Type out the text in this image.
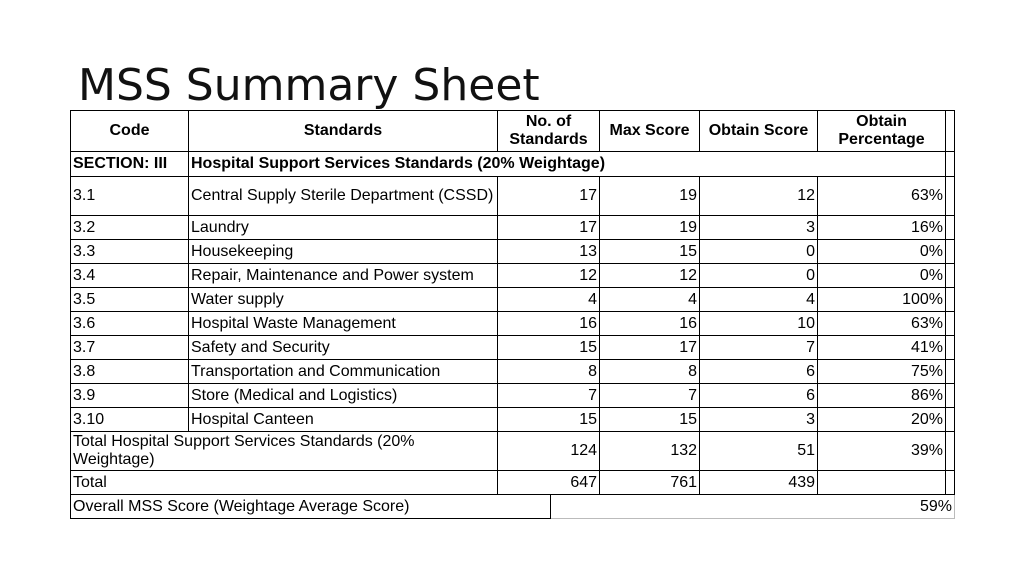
MSS Summary Sheet
Code	Standards	No. of Standards		Max Score	Obtain Score	Obtain Percentage	
SECTION: III	Hospital Support Services Standards (20% Weightage)						
3.1	Central Supply Sterile Department (CSSD)	17		19	12	63%	
3.2	Laundry	17		19	3	16%	
3.3	Housekeeping	13		15	0	0%	
3.4	Repair, Maintenance and Power system	12		12	0	0%	
3.5	Water supply	4		4	4	100%	
3.6	Hospital Waste Management	16		16	10	63%	
3.7	Safety and Security	15		17	7	41%	
3.8	Transportation and Communication	8		8	6	75%	
3.9	Store (Medical and Logistics)	7		7	6	86%	
3.10	Hospital Canteen	15		15	3	20%	
Total Hospital Support Services Standards (20% Weightage)		124		132	51	39%	
Total		647		761	439		
Overall MSS Score (Weightage Average Score)			59%				
